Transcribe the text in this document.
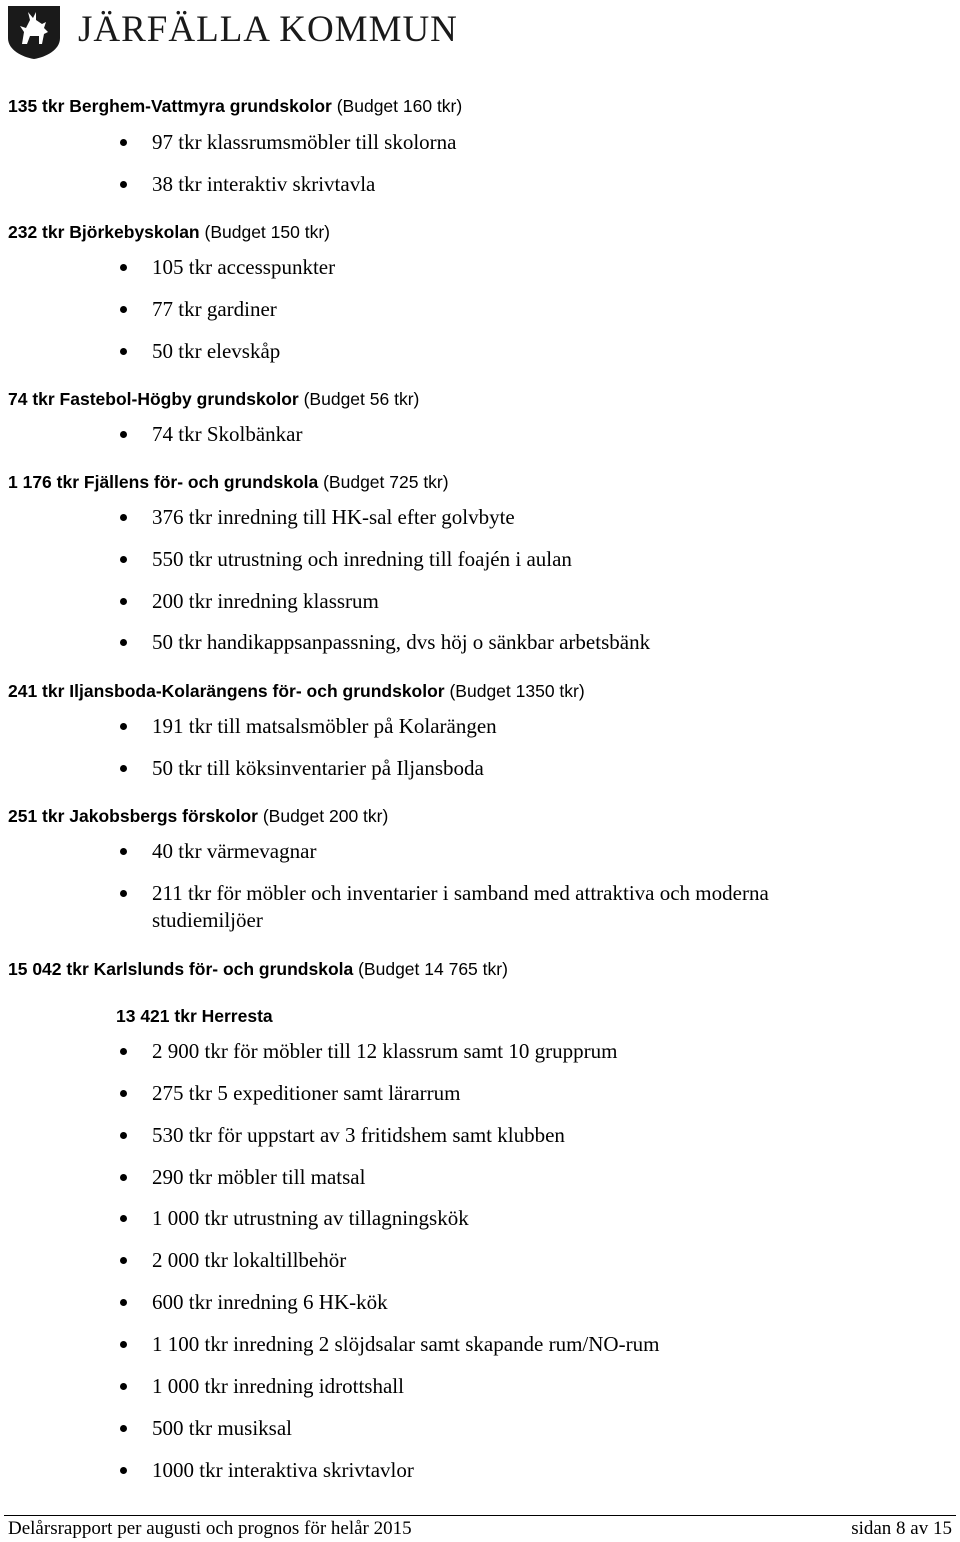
JÄRFÄLLA KOMMUN
135 tkr Berghem-Vattmyra grundskolor (Budget 160 tkr)
97 tkr klassrumsmöbler till skolorna
38 tkr interaktiv skrivtavla
232 tkr Björkebyskolan (Budget 150 tkr)
105 tkr accesspunkter
77 tkr gardiner
50 tkr elevskåp
74 tkr Fastebol-Högby grundskolor (Budget 56 tkr)
74 tkr Skolbänkar
1 176 tkr Fjällens för- och grundskola (Budget 725 tkr)
376 tkr inredning till HK-sal efter golvbyte
550 tkr utrustning och inredning till foajén i aulan
200 tkr inredning klassrum
50 tkr handikappsanpassning, dvs höj o sänkbar arbetsbänk
241 tkr Iljansboda-Kolarängens för- och grundskolor (Budget 1350 tkr)
191 tkr till matsalsmöbler på Kolarängen
50 tkr till köksinventarier på Iljansboda
251 tkr Jakobsbergs förskolor (Budget 200 tkr)
40 tkr värmevagnar
211 tkr för möbler och inventarier i samband med attraktiva och moderna
studiemiljöer
15 042 tkr Karlslunds för- och grundskola (Budget 14 765 tkr)
13 421 tkr Herresta
2 900 tkr för möbler till 12 klassrum samt 10 grupprum
275 tkr 5 expeditioner samt lärarrum
530 tkr för uppstart av 3 fritidshem samt klubben
290 tkr möbler till matsal
1 000 tkr utrustning av tillagningskök
2 000 tkr lokaltillbehör
600 tkr inredning 6 HK-kök
1 100 tkr inredning 2 slöjdsalar samt skapande rum/NO-rum
1 000 tkr inredning idrottshall
500 tkr musiksal
1000 tkr interaktiva skrivtavlor
Delårsrapport per augusti och prognos för helår 2015	sidan 8 av 15
